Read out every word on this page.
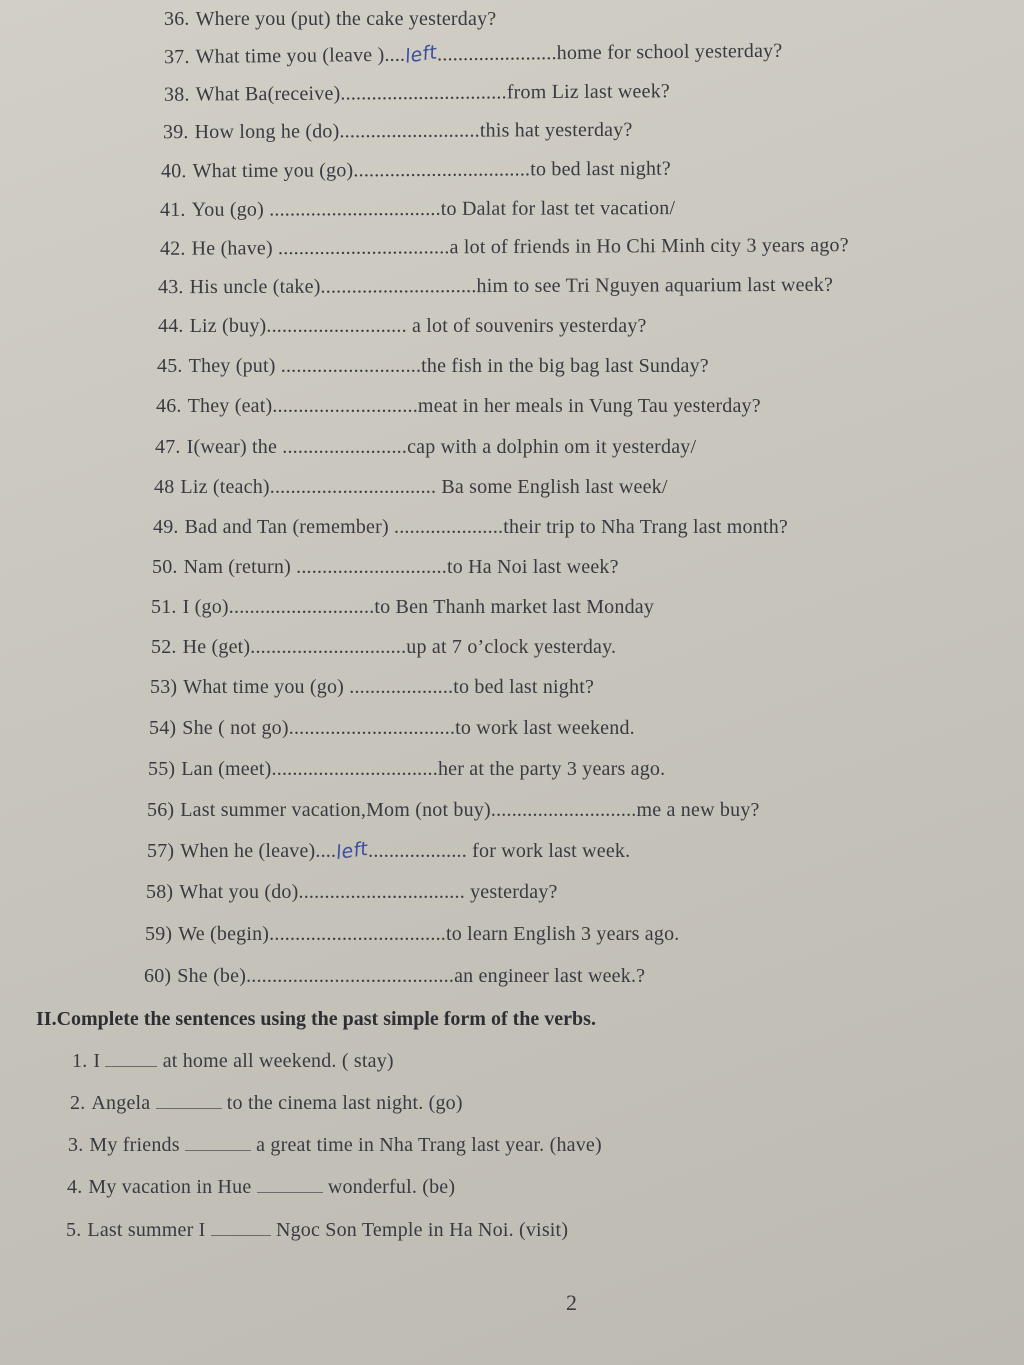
36. Where you (put) the cake yesterday?
37. What time you (leave )....left.......................home for school yesterday?
38. What Ba(receive)................................from Liz last week?
39. How long he (do)...........................this hat yesterday?
40. What time you (go)..................................to bed last night?
41. You (go) .................................to Dalat for last tet vacation/
42. He (have) .................................a lot of friends in Ho Chi Minh city 3 years ago?
43. His uncle (take)..............................him to see Tri Nguyen aquarium last week?
44. Liz (buy)........................... a lot of souvenirs yesterday?
45. They (put) ...........................the fish in the big bag last Sunday?
46. They (eat)............................meat in her meals in Vung Tau yesterday?
47. I(wear) the ........................cap with a dolphin om it yesterday/
48 Liz (teach)................................ Ba some English last week/
49. Bad and Tan (remember) .....................their trip to Nha Trang last month?
50. Nam (return) .............................to Ha Noi last week?
51. I (go)............................to Ben Thanh market last Monday
52. He (get)..............................up at 7 o’clock yesterday.
53) What time you (go) ....................to bed last night?
54) She ( not go)................................to work last weekend.
55) Lan (meet)................................her at the party 3 years ago.
56) Last summer vacation,Mom (not buy)............................me a new buy?
57) When he (leave)....left................... for work last week.
58) What you (do)................................ yesterday?
59) We (begin)..................................to learn English 3 years ago.
60) She (be)........................................an engineer last week.?
II.Complete the sentences using the past simple form of the verbs.
1. I	at home all weekend. ( stay)
2. Angela	to the cinema last night. (go)
3. My friends	a great time in Nha Trang last year. (have)
4. My vacation in Hue	wonderful. (be)
5. Last summer I	Ngoc Son Temple in Ha Noi. (visit)
2
